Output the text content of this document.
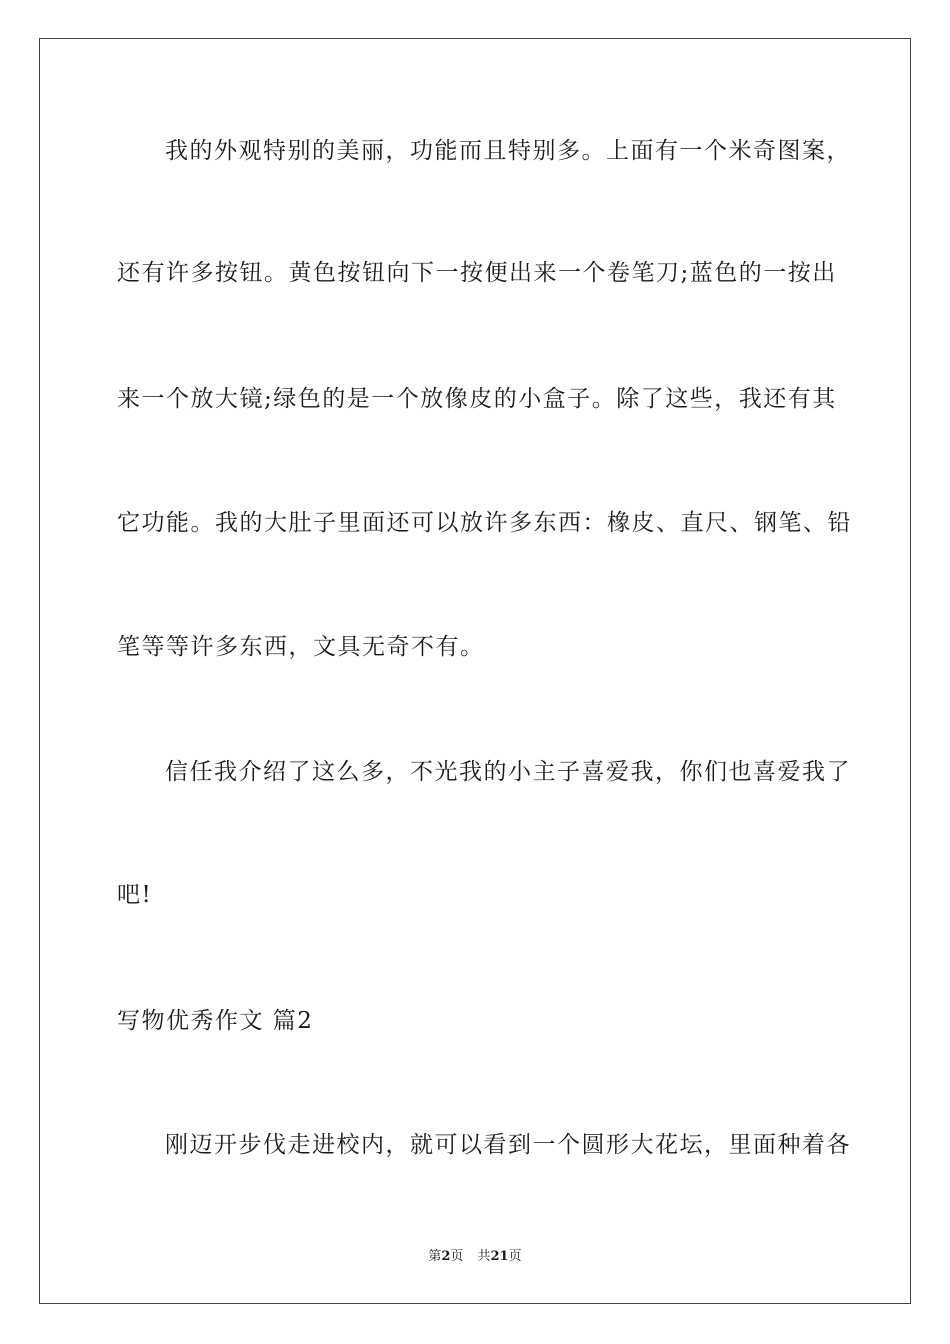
我的外观特别的美丽，功能而且特别多。上面有一个米奇图案，
还有许多按钮。黄色按钮向下一按便出来一个卷笔刀;蓝色的一按出
来一个放大镜;绿色的是一个放像皮的小盒子。除了这些，我还有其
它功能。我的大肚子里面还可以放许多东西：橡皮、直尺、钢笔、铅
笔等等许多东西，文具无奇不有。
信任我介绍了这么多，不光我的小主子喜爱我，你们也喜爱我了
吧!
写物优秀作文 篇2
刚迈开步伐走进校内，就可以看到一个圆形大花坛，里面种着各
第2页 共21页
